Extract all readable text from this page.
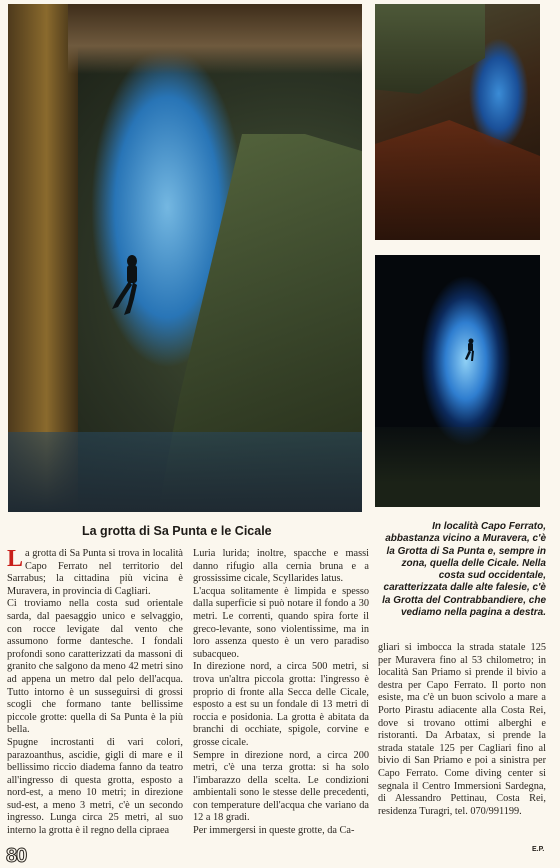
La grotta di Sa Punta e le Cicale	In località Capo Ferrato, abbastanza vicino a Muravera, c'è la Grotta di Sa Punta e, sempre in zona, quella delle Cicale. Nella costa sud occidentale, caratterizzata dalle alte falesie, c'è la Grotta del Contrabbandiere, che vediamo nella pagina a destra.

La grotta di Sa Punta si trova in località Capo Ferrato nel territorio del Sarrabus; la cittadina più vicina è Muravera, in provincia di Cagliari.

Ci troviamo nella costa sud orientale sarda, dal paesaggio unico e selvaggio, con rocce levigate dal vento che assumono forme dantesche. I fondali profondi sono caratterizzati da massoni di granito che salgono da meno 42 metri sino ad appena un metro dal pelo dell'acqua. Tutto intorno è un susseguirsi di grossi scogli che formano tante bellissime piccole grotte: quella di Sa Punta è la più bella.

Spugne incrostanti di vari colori, parazoanthus, ascidie, gigli di mare e il bellissimo riccio diadema fanno da teatro all'ingresso di questa grotta, esposto a nord-est, a meno 10 metri; in direzione sud-est, a meno 3 metri, c'è un secondo ingresso. Lunga circa 25 metri, al suo interno la grotta è il regno della cipraea

Luria lurida; inoltre, spacche e massi danno rifugio alla cernia bruna e a grossissime cicale, Scyllarides latus.

L'acqua solitamente è limpida e spesso dalla superficie si può notare il fondo a 30 metri. Le correnti, quando spira forte il greco-levante, sono violentissime, ma in loro assenza questo è un vero paradiso subacqueo.

In direzione nord, a circa 500 metri, si trova un'altra piccola grotta: l'ingresso è proprio di fronte alla Secca delle Cicale, esposto a est su un fondale di 13 metri di roccia e posidonia. La grotta è abitata da branchi di occhiate, spigole, corvine e grosse cicale.

Sempre in direzione nord, a circa 200 metri, c'è una terza grotta: si ha solo l'imbarazzo della scelta. Le condizioni ambientali sono le stesse delle precedenti, con temperature dell'acqua che variano da 12 a 18 gradi.

Per immergersi in queste grotte, da Ca-

gliari si imbocca la strada statale 125 per Muravera fino al 53 chilometro; in località San Priamo si prende il bivio a destra per Capo Ferrato. Il porto non esiste, ma c'è un buon scivolo a mare a Porto Pirastu adiacente alla Costa Rei, dove si trovano ottimi alberghi e ristoranti. Da Arbatax, si prende la strada statale 125 per Cagliari fino al bivio di San Priamo e poi a sinistra per Capo Ferrato. Come diving center si segnala il Centro Immersioni Sardegna, di Alessandro Pettinau, Costa Rei, residenza Turagri, tel. 070/991199.

E.P.
80
